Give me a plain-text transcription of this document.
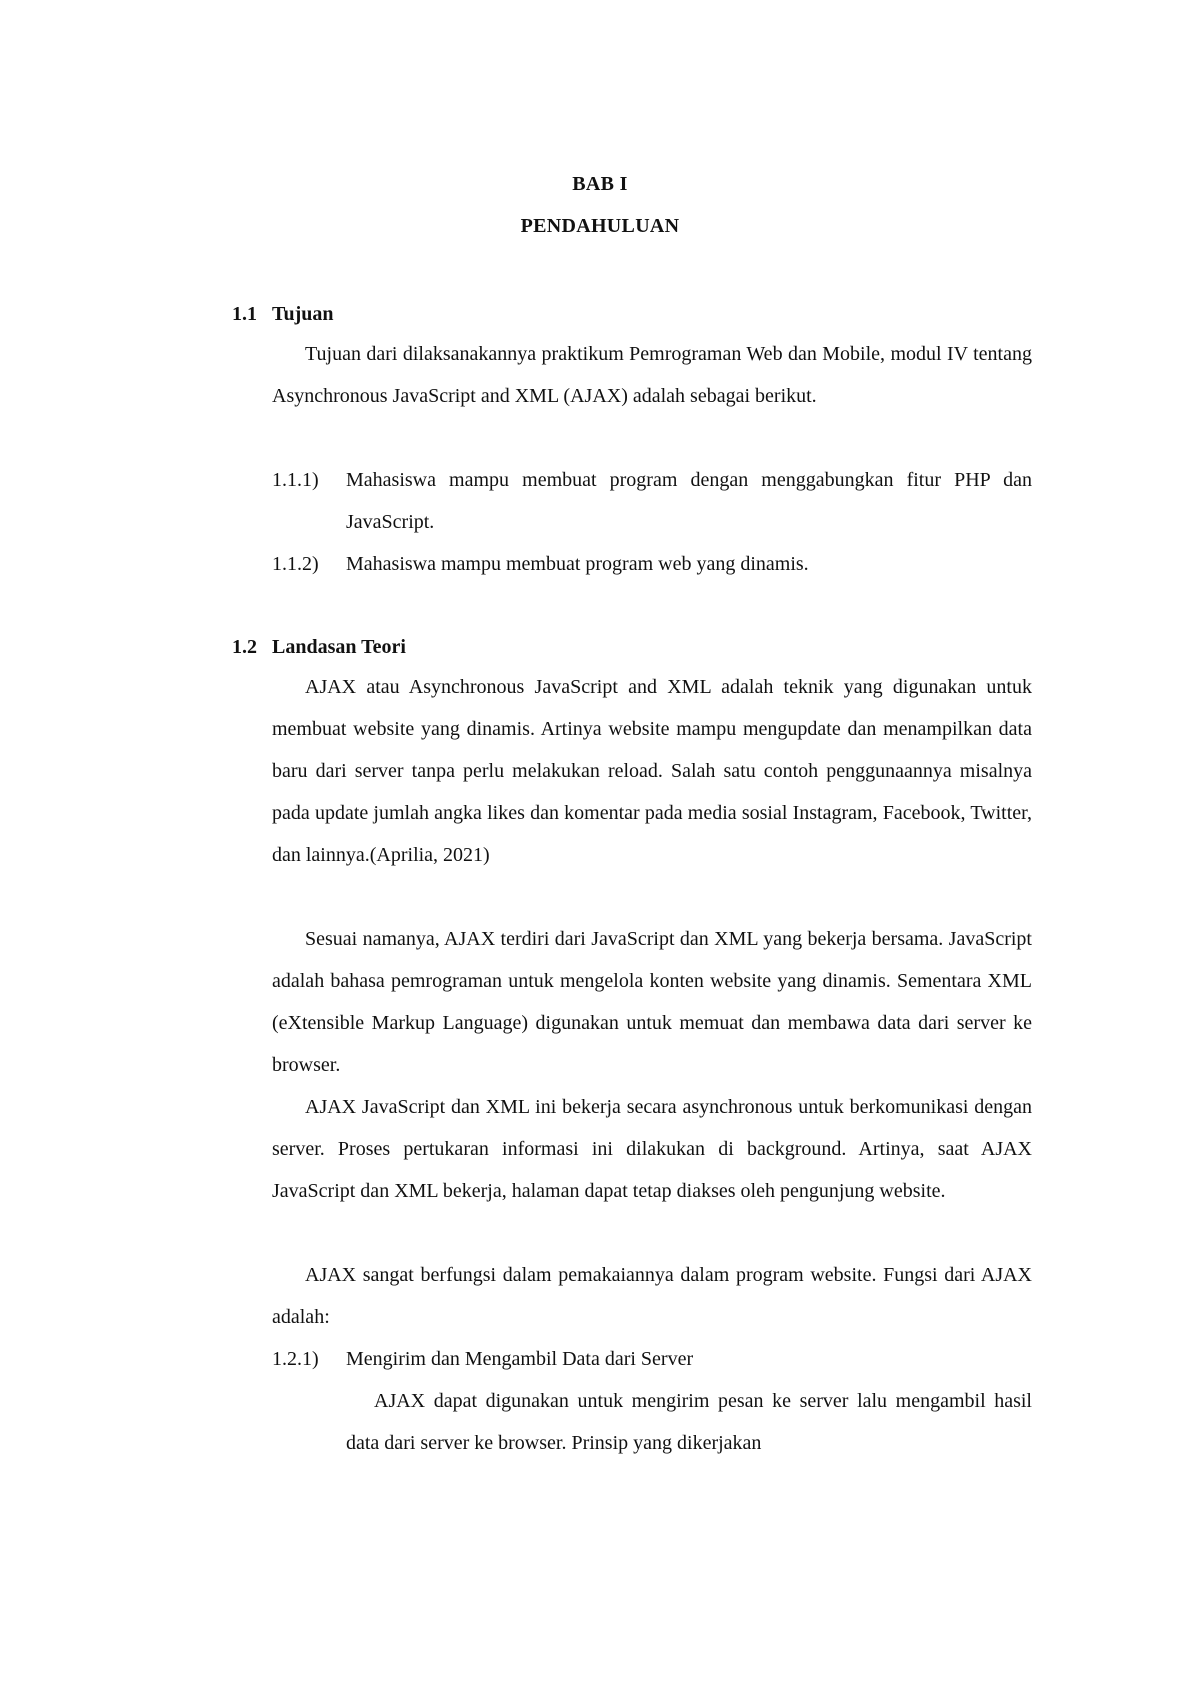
BAB I
PENDAHULUAN
1.1 Tujuan

Tujuan dari dilaksanakannya praktikum Pemrograman Web dan Mobile, modul IV tentang Asynchronous JavaScript and XML (AJAX) adalah sebagai berikut.

1.1.1) Mahasiswa mampu membuat program dengan menggabungkan fitur PHP dan JavaScript.
1.1.2) Mahasiswa mampu membuat program web yang dinamis.
1.2 Landasan Teori

AJAX atau Asynchronous JavaScript and XML adalah teknik yang digunakan untuk membuat website yang dinamis. Artinya website mampu mengupdate dan menampilkan data baru dari server tanpa perlu melakukan reload. Salah satu contoh penggunaannya misalnya pada update jumlah angka likes dan komentar pada media sosial Instagram, Facebook, Twitter, dan lainnya.(Aprilia, 2021)

Sesuai namanya, AJAX terdiri dari JavaScript dan XML yang bekerja bersama. JavaScript adalah bahasa pemrograman untuk mengelola konten website yang dinamis. Sementara XML (eXtensible Markup Language) digunakan untuk memuat dan membawa data dari server ke browser.

AJAX JavaScript dan XML ini bekerja secara asynchronous untuk berkomunikasi dengan server. Proses pertukaran informasi ini dilakukan di background. Artinya, saat AJAX JavaScript dan XML bekerja, halaman dapat tetap diakses oleh pengunjung website.

AJAX sangat berfungsi dalam pemakaiannya dalam program website. Fungsi dari AJAX adalah:

1.2.1) Mengirim dan Mengambil Data dari Server

AJAX dapat digunakan untuk mengirim pesan ke server lalu mengambil hasil data dari server ke browser. Prinsip yang dikerjakan
